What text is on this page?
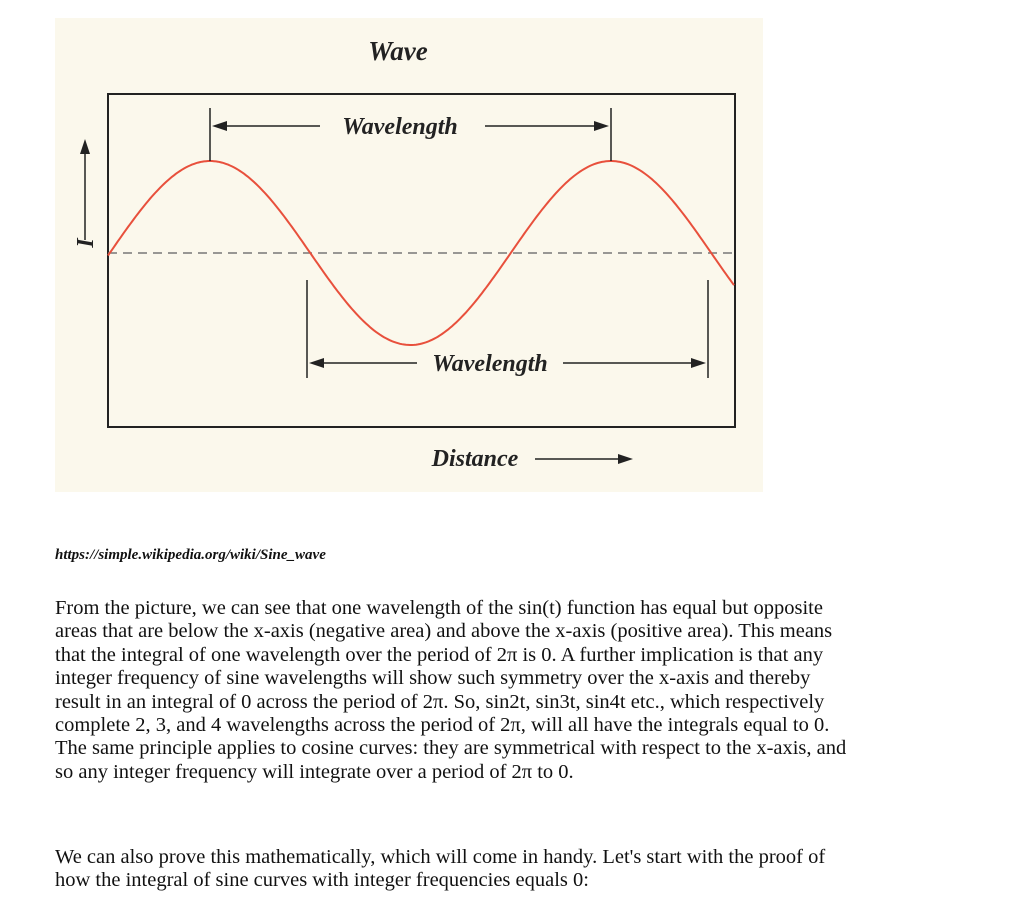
Wave
Wavelength
Wavelength
Distance
I
https://simple.wikipedia.org/wiki/Sine_wave
From the picture, we can see that one wavelength of the sin(t) function has equal but opposite
areas that are below the x-axis (negative area) and above the x-axis (positive area). This means
that the integral of one wavelength over the period of 2π is 0. A further implication is that any
integer frequency of sine wavelengths will show such symmetry over the x-axis and thereby
result in an integral of 0 across the period of 2π. So, sin2t, sin3t, sin4t etc., which respectively
complete 2, 3, and 4 wavelengths across the period of 2π, will all have the integrals equal to 0.
The same principle applies to cosine curves: they are symmetrical with respect to the x-axis, and
so any integer frequency will integrate over a period of 2π to 0.
We can also prove this mathematically, which will come in handy. Let's start with the proof of
how the integral of sine curves with integer frequencies equals 0:
